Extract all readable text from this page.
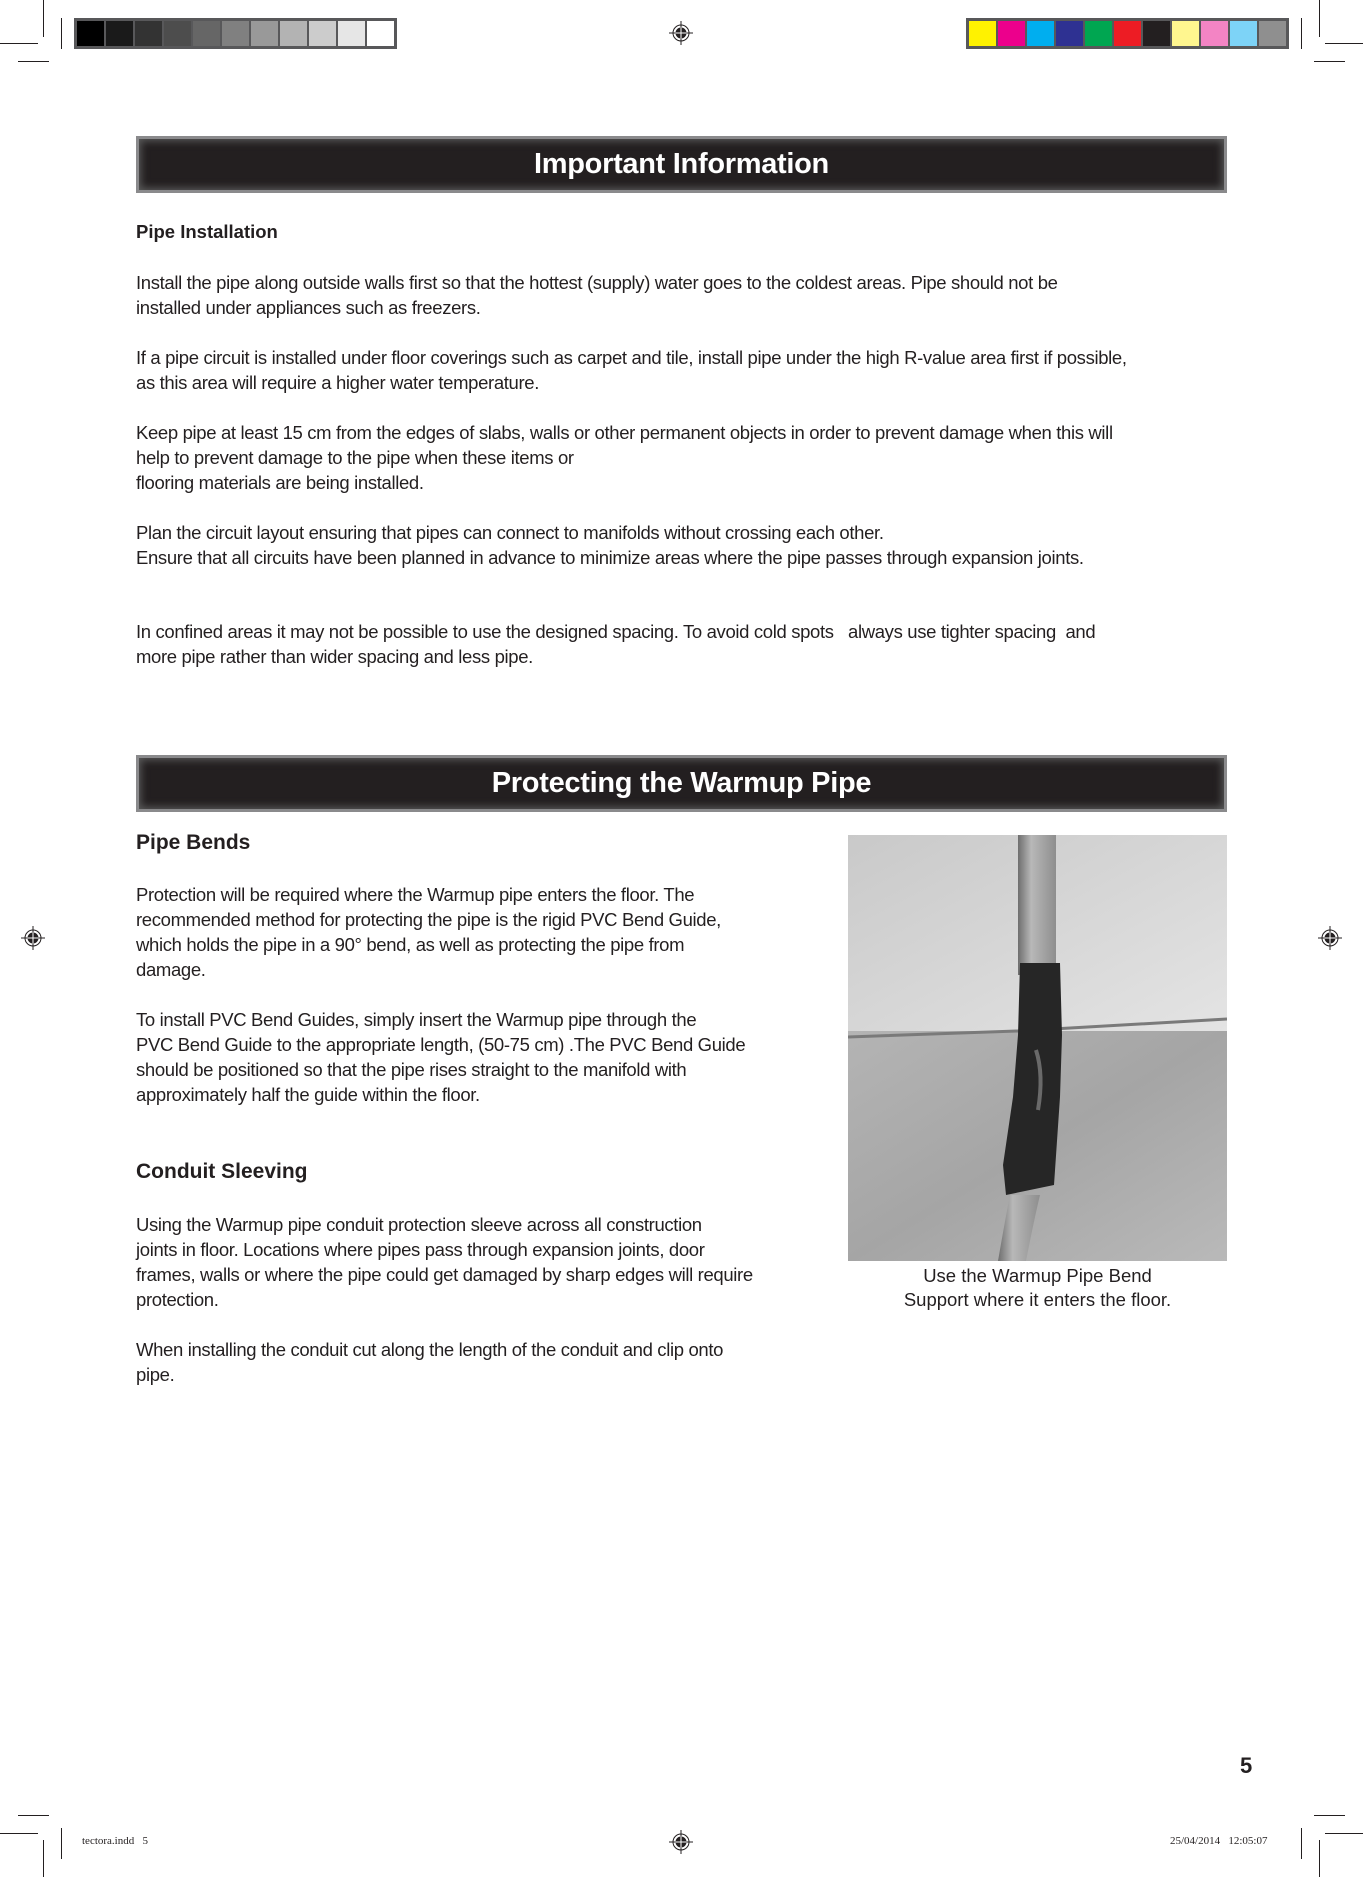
Important Information
Pipe Installation
Install the pipe along outside walls first so that the hottest (supply) water goes to the coldest areas. Pipe should not be
installed under appliances such as freezers.
If a pipe circuit is installed under floor coverings such as carpet and tile, install pipe under the high R-value area first if possible,
as this area will require a higher water temperature.
Keep pipe at least 15 cm from the edges of slabs, walls or other permanent objects in order to prevent damage when this will
help to prevent damage to the pipe when these items or
flooring materials are being installed.
Plan the circuit layout ensuring that pipes can connect to manifolds without crossing each other.
Ensure that all circuits have been planned in advance to minimize areas where the pipe passes through expansion joints.
In confined areas it may not be possible to use the designed spacing. To avoid cold spots   always use tighter spacing  and
more pipe rather than wider spacing and less pipe.
Protecting the Warmup Pipe
Pipe Bends
Protection will be required where the Warmup pipe enters the floor. The
recommended method for protecting the pipe is the rigid PVC Bend Guide,
which holds the pipe in a 90° bend, as well as protecting the pipe from
damage.
To install PVC Bend Guides, simply insert the Warmup pipe through the
PVC Bend Guide to the appropriate length, (50-75 cm) .The PVC Bend Guide
should be positioned so that the pipe rises straight to the manifold with
approximately half the guide within the floor.
Conduit Sleeving
Using the Warmup pipe conduit protection sleeve across all construction
joints in floor. Locations where pipes pass through expansion joints, door
frames, walls or where the pipe could get damaged by sharp edges will require
protection.
When installing the conduit cut along the length of the conduit and clip onto
pipe.
Use the Warmup Pipe Bend
Support where it enters the floor.
5
tectora.indd   5	25/04/2014   12:05:07
